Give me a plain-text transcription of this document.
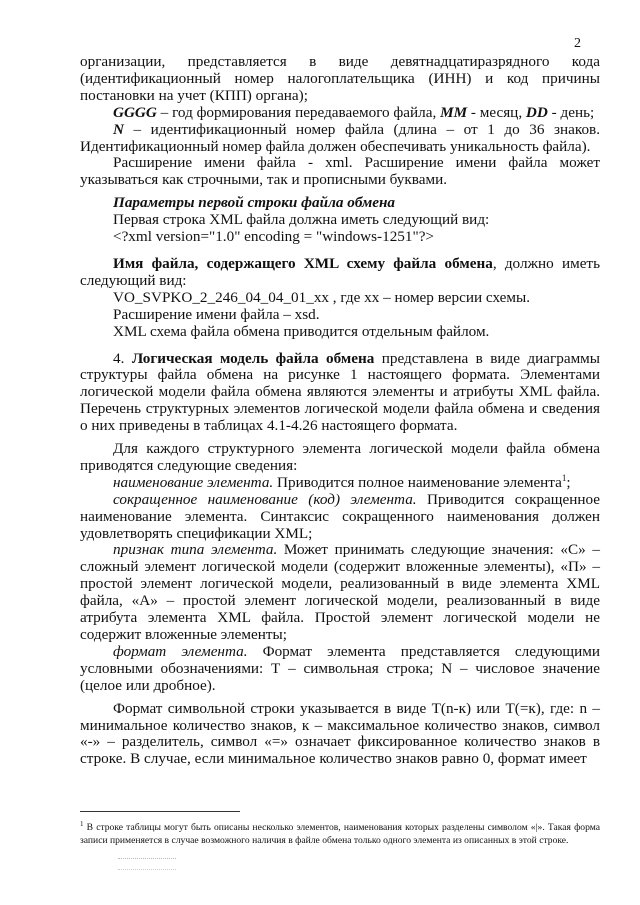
2

организации, представляется в виде девятнадцатиразрядного кода (идентификационный номер налогоплательщика (ИНН) и код причины постановки на учет (КПП) органа);

GGGG – год формирования передаваемого файла, MM - месяц, DD - день;

N – идентификационный номер файла (длина – от 1 до 36 знаков. Идентификационный номер файла должен обеспечивать уникальность файла).

Расширение имени файла - xml. Расширение имени файла может указываться как строчными, так и прописными буквами.

Параметры первой строки файла обмена

Первая строка XML файла должна иметь следующий вид:

<?xml version="1.0" encoding = "windows-1251"?>

Имя файла, содержащего XML схему файла обмена, должно иметь следующий вид:

VO_SVPKO_2_246_04_04_01_xx , где xx – номер версии схемы.

Расширение имени файла – xsd.

XML схема файла обмена приводится отдельным файлом.

4. Логическая модель файла обмена представлена в виде диаграммы структуры файла обмена на рисунке 1 настоящего формата. Элементами логической модели файла обмена являются элементы и атрибуты XML файла. Перечень структурных элементов логической модели файла обмена и сведения о них приведены в таблицах 4.1-4.26 настоящего формата.

Для каждого структурного элемента логической модели файла обмена приводятся следующие сведения:

наименование элемента. Приводится полное наименование элемента$^1$;

сокращенное наименование (код) элемента. Приводится сокращенное наименование элемента. Синтаксис сокращенного наименования должен удовлетворять спецификации XML;

признак типа элемента. Может принимать следующие значения: «С» – сложный элемент логической модели (содержит вложенные элементы), «П» – простой элемент логической модели, реализованный в виде элемента XML файла, «А» – простой элемент логической модели, реализованный в виде атрибута элемента XML файла. Простой элемент логической модели не содержит вложенные элементы;

формат элемента. Формат элемента представляется следующими условными обозначениями: Т – символьная строка; N – числовое значение (целое или дробное).

Формат символьной строки указывается в виде Т(n-к) или Т(=к), где: n – минимальное количество знаков, к – максимальное количество знаков, символ «-» – разделитель, символ «=» означает фиксированное количество знаков в строке. В случае, если минимальное количество знаков равно 0, формат имеет

$^1$ В строке таблицы могут быть описаны несколько элементов, наименования которых разделены символом «|». Такая форма записи применяется в случае возможного наличия в файле обмена только одного элемента из описанных в этой строке.
